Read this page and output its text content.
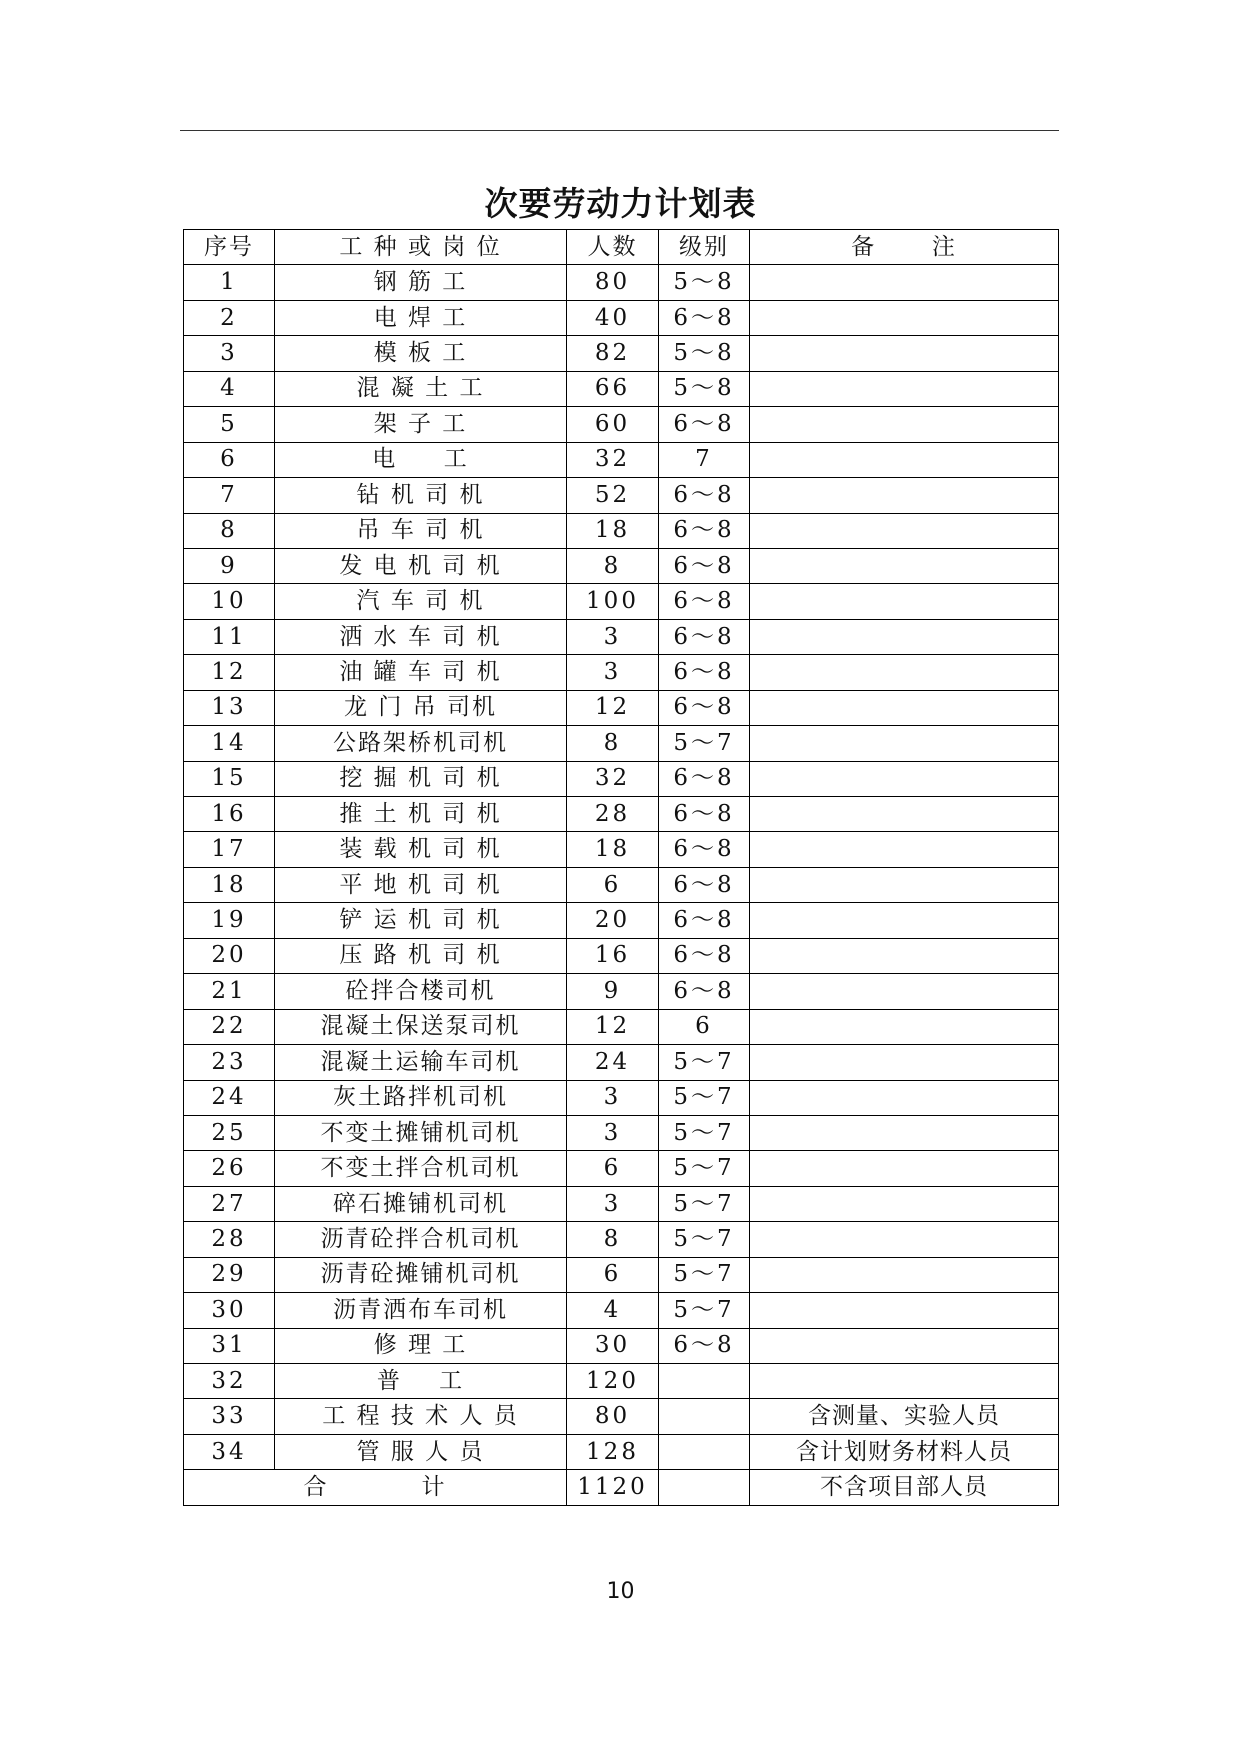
次要劳动力计划表
序号	工 种 或 岗 位	人数	级别	备      注
1	钢 筋 工	80	5～8	
2	电 焊 工	40	6～8	
3	模 板 工	82	5～8	
4	混 凝 土 工	66	5～8	
5	架 子 工	60	6～8	
6	电     工	32	7	
7	钻 机 司 机	52	6～8	
8	吊 车 司 机	18	6～8	
9	发 电 机 司 机	8	6～8	
10	汽 车 司 机	100	6～8	
11	洒 水 车 司 机	3	6～8	
12	油 罐 车 司 机	3	6～8	
13	龙 门 吊 司机	12	6～8	
14	公路架桥机司机	8	5～7	
15	挖 掘 机 司 机	32	6～8	
16	推 土 机 司 机	28	6～8	
17	装 载 机 司 机	18	6～8	
18	平 地 机 司 机	6	6～8	
19	铲 运 机 司 机	20	6～8	
20	压 路 机 司 机	16	6～8	
21	砼拌合楼司机	9	6～8	
22	混凝土保送泵司机	12	6	
23	混凝土运输车司机	24	5～7	
24	灰土路拌机司机	3	5～7	
25	不变土摊铺机司机	3	5～7	
26	不变土拌合机司机	6	5～7	
27	碎石摊铺机司机	3	5～7	
28	沥青砼拌合机司机	8	5～7	
29	沥青砼摊铺机司机	6	5～7	
30	沥青洒布车司机	4	5～7	
31	修 理 工	30	6～8	
32	普    工	120		
33	工 程 技 术 人 员	80		含测量、实验人员
34	管 服 人 员	128		含计划财务材料人员
合          计		1120		不含项目部人员
10
